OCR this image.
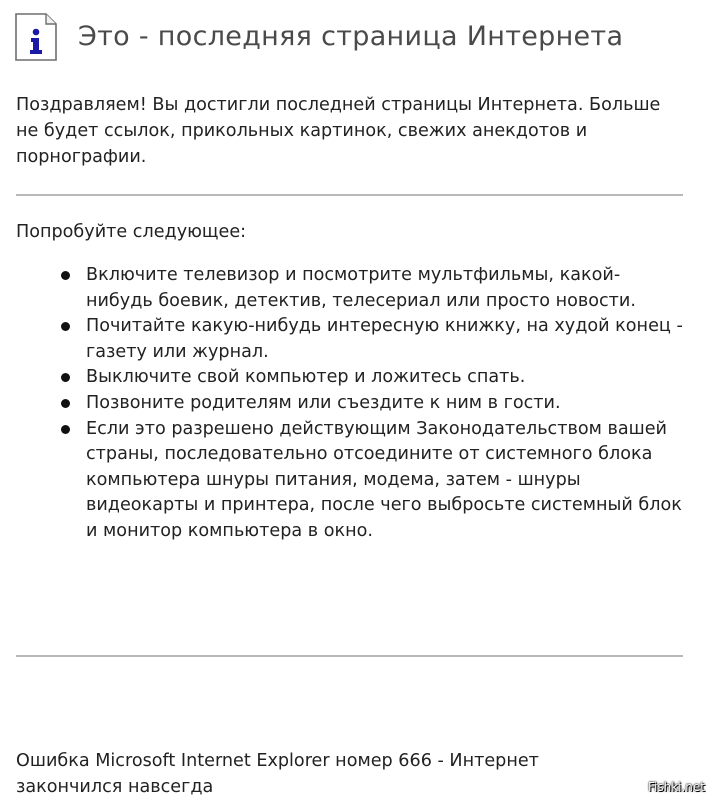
Это - последняя страница Интернета
Поздравляем! Вы достигли последней страницы Интернета. Больше не будет ссылок, прикольных картинок, свежих анекдотов и порнографии.
Попробуйте следующее:
Включите телевизор и посмотрите мультфильмы, какой-нибудь боевик, детектив, телесериал или просто новости.
Почитайте какую-нибудь интересную книжку, на худой конец - газету или журнал.
Выключите свой компьютер и ложитесь спать.
Позвоните родителям или съездите к ним в гости.
Если это разрешено действующим Законодательством вашей страны, последовательно отсоедините от системного блока компьютера шнуры питания, модема, затем - шнуры видеокарты и принтера, после чего выбросьте системный блок и монитор компьютера в окно.
Ошибка Microsoft Internet Explorer номер 666 - Интернет закончился навсегда	Fishki.net
